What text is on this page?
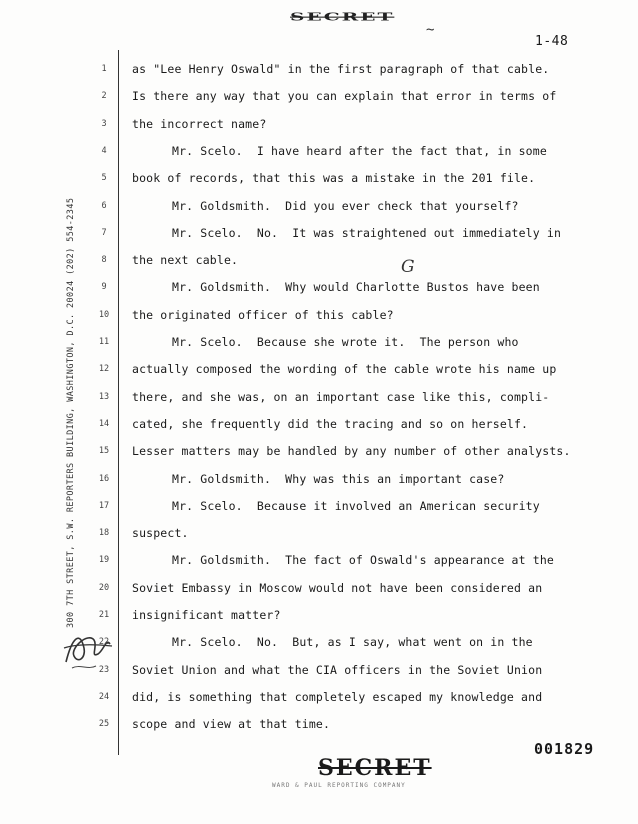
SECRET
~
1-48
300 7TH STREET, S.W. REPORTERS BUILDING, WASHINGTON, D.C. 20024 (202) 554-2345
1	as "Lee Henry Oswald" in the first paragraph of that cable.
2	Is there any way that you can explain that error in terms of
3	the incorrect name?
4	Mr. Scelo.  I have heard after the fact that, in some
5	book of records, that this was a mistake in the 201 file.
6	Mr. Goldsmith.  Did you ever check that yourself?
7	Mr. Scelo.  No.  It was straightened out immediately in
8	the next cable.
9	Mr. Goldsmith.  Why would Charlotte Bustos have been
10	the originated officer of this cable?
11	Mr. Scelo.  Because she wrote it.  The person who
12	actually composed the wording of the cable wrote his name up
13	there, and she was, on an important case like this, compli-
14	cated, she frequently did the tracing and so on herself.
15	Lesser matters may be handled by any number of other analysts.
16	Mr. Goldsmith.  Why was this an important case?
17	Mr. Scelo.  Because it involved an American security
18	suspect.
19	Mr. Goldsmith.  The fact of Oswald's appearance at the
20	Soviet Embassy in Moscow would not have been considered an
21	insignificant matter?
22	Mr. Scelo.  No.  But, as I say, what went on in the
23	Soviet Union and what the CIA officers in the Soviet Union
24	did, is something that completely escaped my knowledge and
25	scope and view at that time.
G
001829
SECRET
WARD & PAUL REPORTING COMPANY
